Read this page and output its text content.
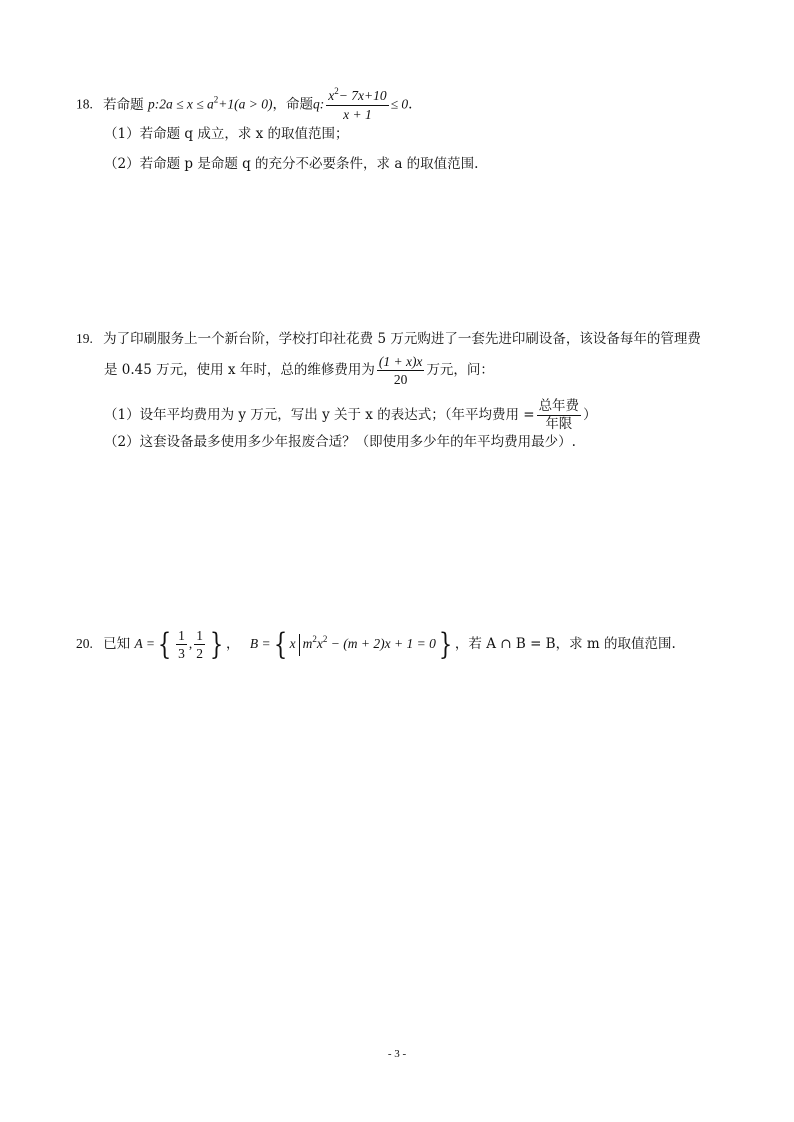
18. 若命题 p:2a ≤ $x \le a^2+1(a > 0)$，命题q: $\frac{x^2- 7x+10}{x + 1} \le 0$.
（1）若命题 q 成立，求 x 的取值范围；
（2）若命题 p 是命题 q 的充分不必要条件，求 a 的取值范围.
19. 为了印刷服务上一个新台阶，学校打印社花费 5 万元购进了一套先进印刷设备，该设备每年的管理费
是 0.45 万元，使用 x 年时，总的维修费用为 $\frac{(1 + x)x}{20}$ 万元，问：
（1）设年平均费用为 y 万元，写出 y 关于 x 的表达式；（年平均费用 = $\frac{\text{总年费}}{\text{年限}}$ ）
（2）这套设备最多使用多少年报废合适？（即使用多少年的年平均费用最少）.
20. 已知 A ={ $\frac{1}{3}$ , $\frac{1}{2}$ } ， B ={ x $m^2x^2 - (m + 2)x + 1 = 0$} ，若 A ∩ B = B，求 m 的取值范围.
- 3 -
